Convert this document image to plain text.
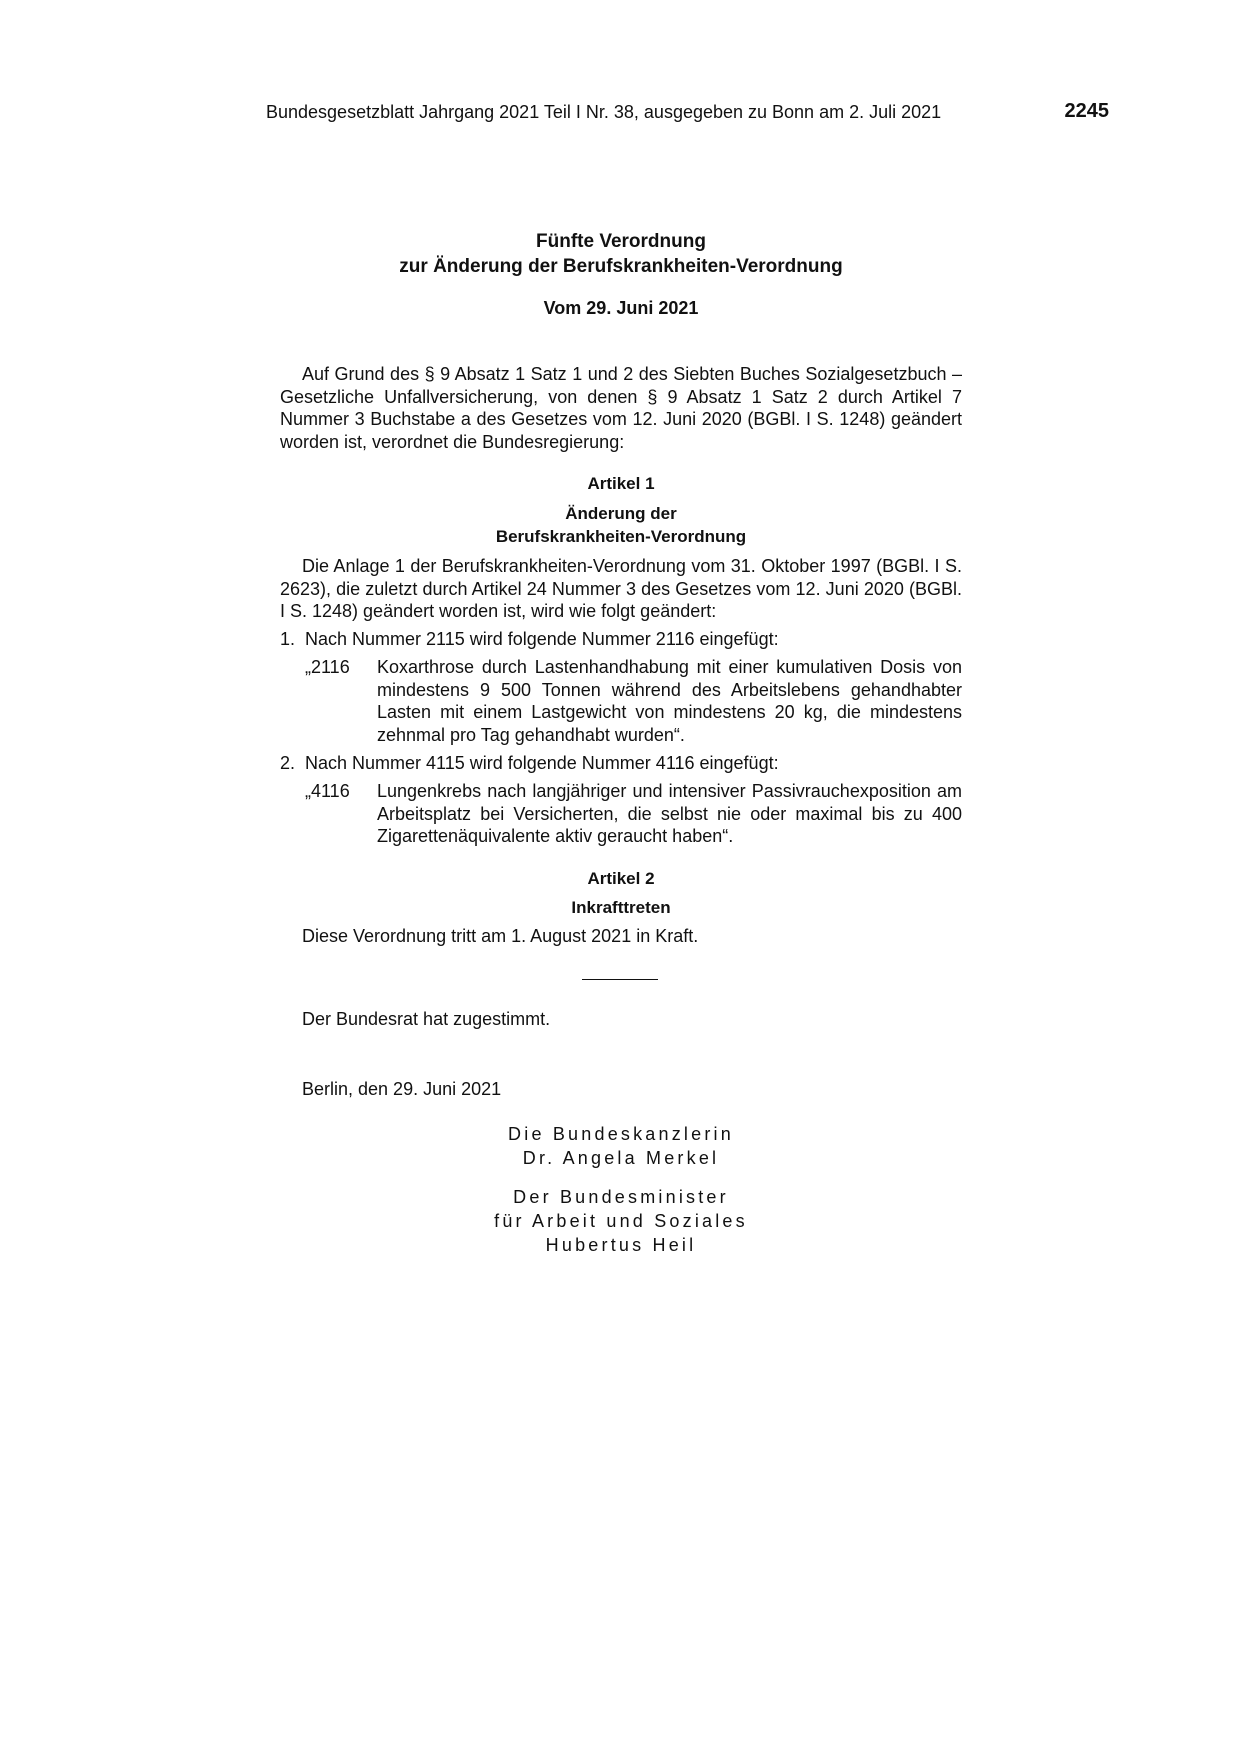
Bundesgesetzblatt Jahrgang 2021 Teil I Nr. 38, ausgegeben zu Bonn am 2. Juli 2021	2245
Fünfte Verordnung
zur Änderung der Berufskrankheiten-Verordnung
Vom 29. Juni 2021

Auf Grund des § 9 Absatz 1 Satz 1 und 2 des Siebten Buches Sozialgesetzbuch – Gesetzliche Unfallversicherung, von denen § 9 Absatz 1 Satz 2 durch Artikel 7 Nummer 3 Buchstabe a des Gesetzes vom 12. Juni 2020 (BGBl. I S. 1248) geändert worden ist, verordnet die Bundesregierung:

Artikel 1
Änderung der
Berufskrankheiten-Verordnung

Die Anlage 1 der Berufskrankheiten-Verordnung vom 31. Oktober 1997 (BGBl. I S. 2623), die zuletzt durch Artikel 24 Nummer 3 des Gesetzes vom 12. Juni 2020 (BGBl. I S. 1248) geändert worden ist, wird wie folgt geändert:

1. Nach Nummer 2115 wird folgende Nummer 2116 eingefügt:
„2116 Koxarthrose durch Lastenhandhabung mit einer kumulativen Dosis von mindestens 9 500 Tonnen während des Arbeitslebens gehandhabter Lasten mit einem Lastgewicht von mindestens 20 kg, die mindestens zehnmal pro Tag gehandhabt wurden“.
2. Nach Nummer 4115 wird folgende Nummer 4116 eingefügt:
„4116 Lungenkrebs nach langjähriger und intensiver Passivrauchexposition am Arbeitsplatz bei Versicherten, die selbst nie oder maximal bis zu 400 Zigarettenäquivalente aktiv geraucht haben“.
Artikel 2
Inkrafttreten
Diese Verordnung tritt am 1. August 2021 in Kraft.
Der Bundesrat hat zugestimmt.
Berlin, den 29. Juni 2021
Die Bundeskanzlerin
Dr. Angela Merkel
Der Bundesminister
für Arbeit und Soziales
Hubertus Heil
